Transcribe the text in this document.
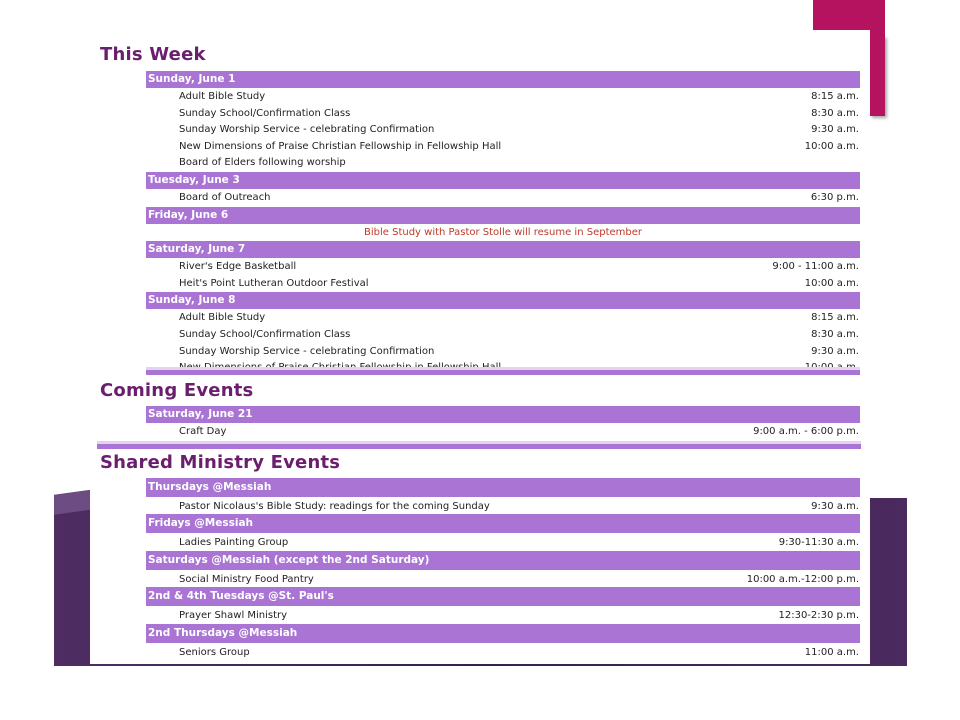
This Week
Sunday, June 1
Adult Bible Study	8:15 a.m.
Sunday School/Confirmation Class	8:30 a.m.
Sunday Worship Service - celebrating Confirmation	9:30 a.m.
New Dimensions of Praise Christian Fellowship in Fellowship Hall	10:00 a.m.
Board of Elders following worship
Tuesday, June 3
Board of Outreach	6:30 p.m.
Friday, June 6
Bible Study with Pastor Stolle will resume in September
Saturday, June 7
River's Edge Basketball	9:00 - 11:00 a.m.
Heit's Point Lutheran Outdoor Festival	10:00 a.m.
Sunday, June 8
Adult Bible Study	8:15 a.m.
Sunday School/Confirmation Class	8:30 a.m.
Sunday Worship Service - celebrating Confirmation	9:30 a.m.
Coming Events
Saturday, June 21
Craft Day	9:00 a.m. - 6:00 p.m.
Shared Ministry Events
Thursdays @Messiah
Pastor Nicolaus's Bible Study: readings for the coming Sunday	9:30 a.m.
Fridays @Messiah
Ladies Painting Group	9:30-11:30 a.m.
Saturdays @Messiah (except the 2nd Saturday)
Social Ministry Food Pantry	10:00 a.m.-12:00 p.m.
2nd & 4th Tuesdays @St. Paul's
Prayer Shawl Ministry	12:30-2:30 p.m.
2nd Thursdays @Messiah
Seniors Group	11:00 a.m.
